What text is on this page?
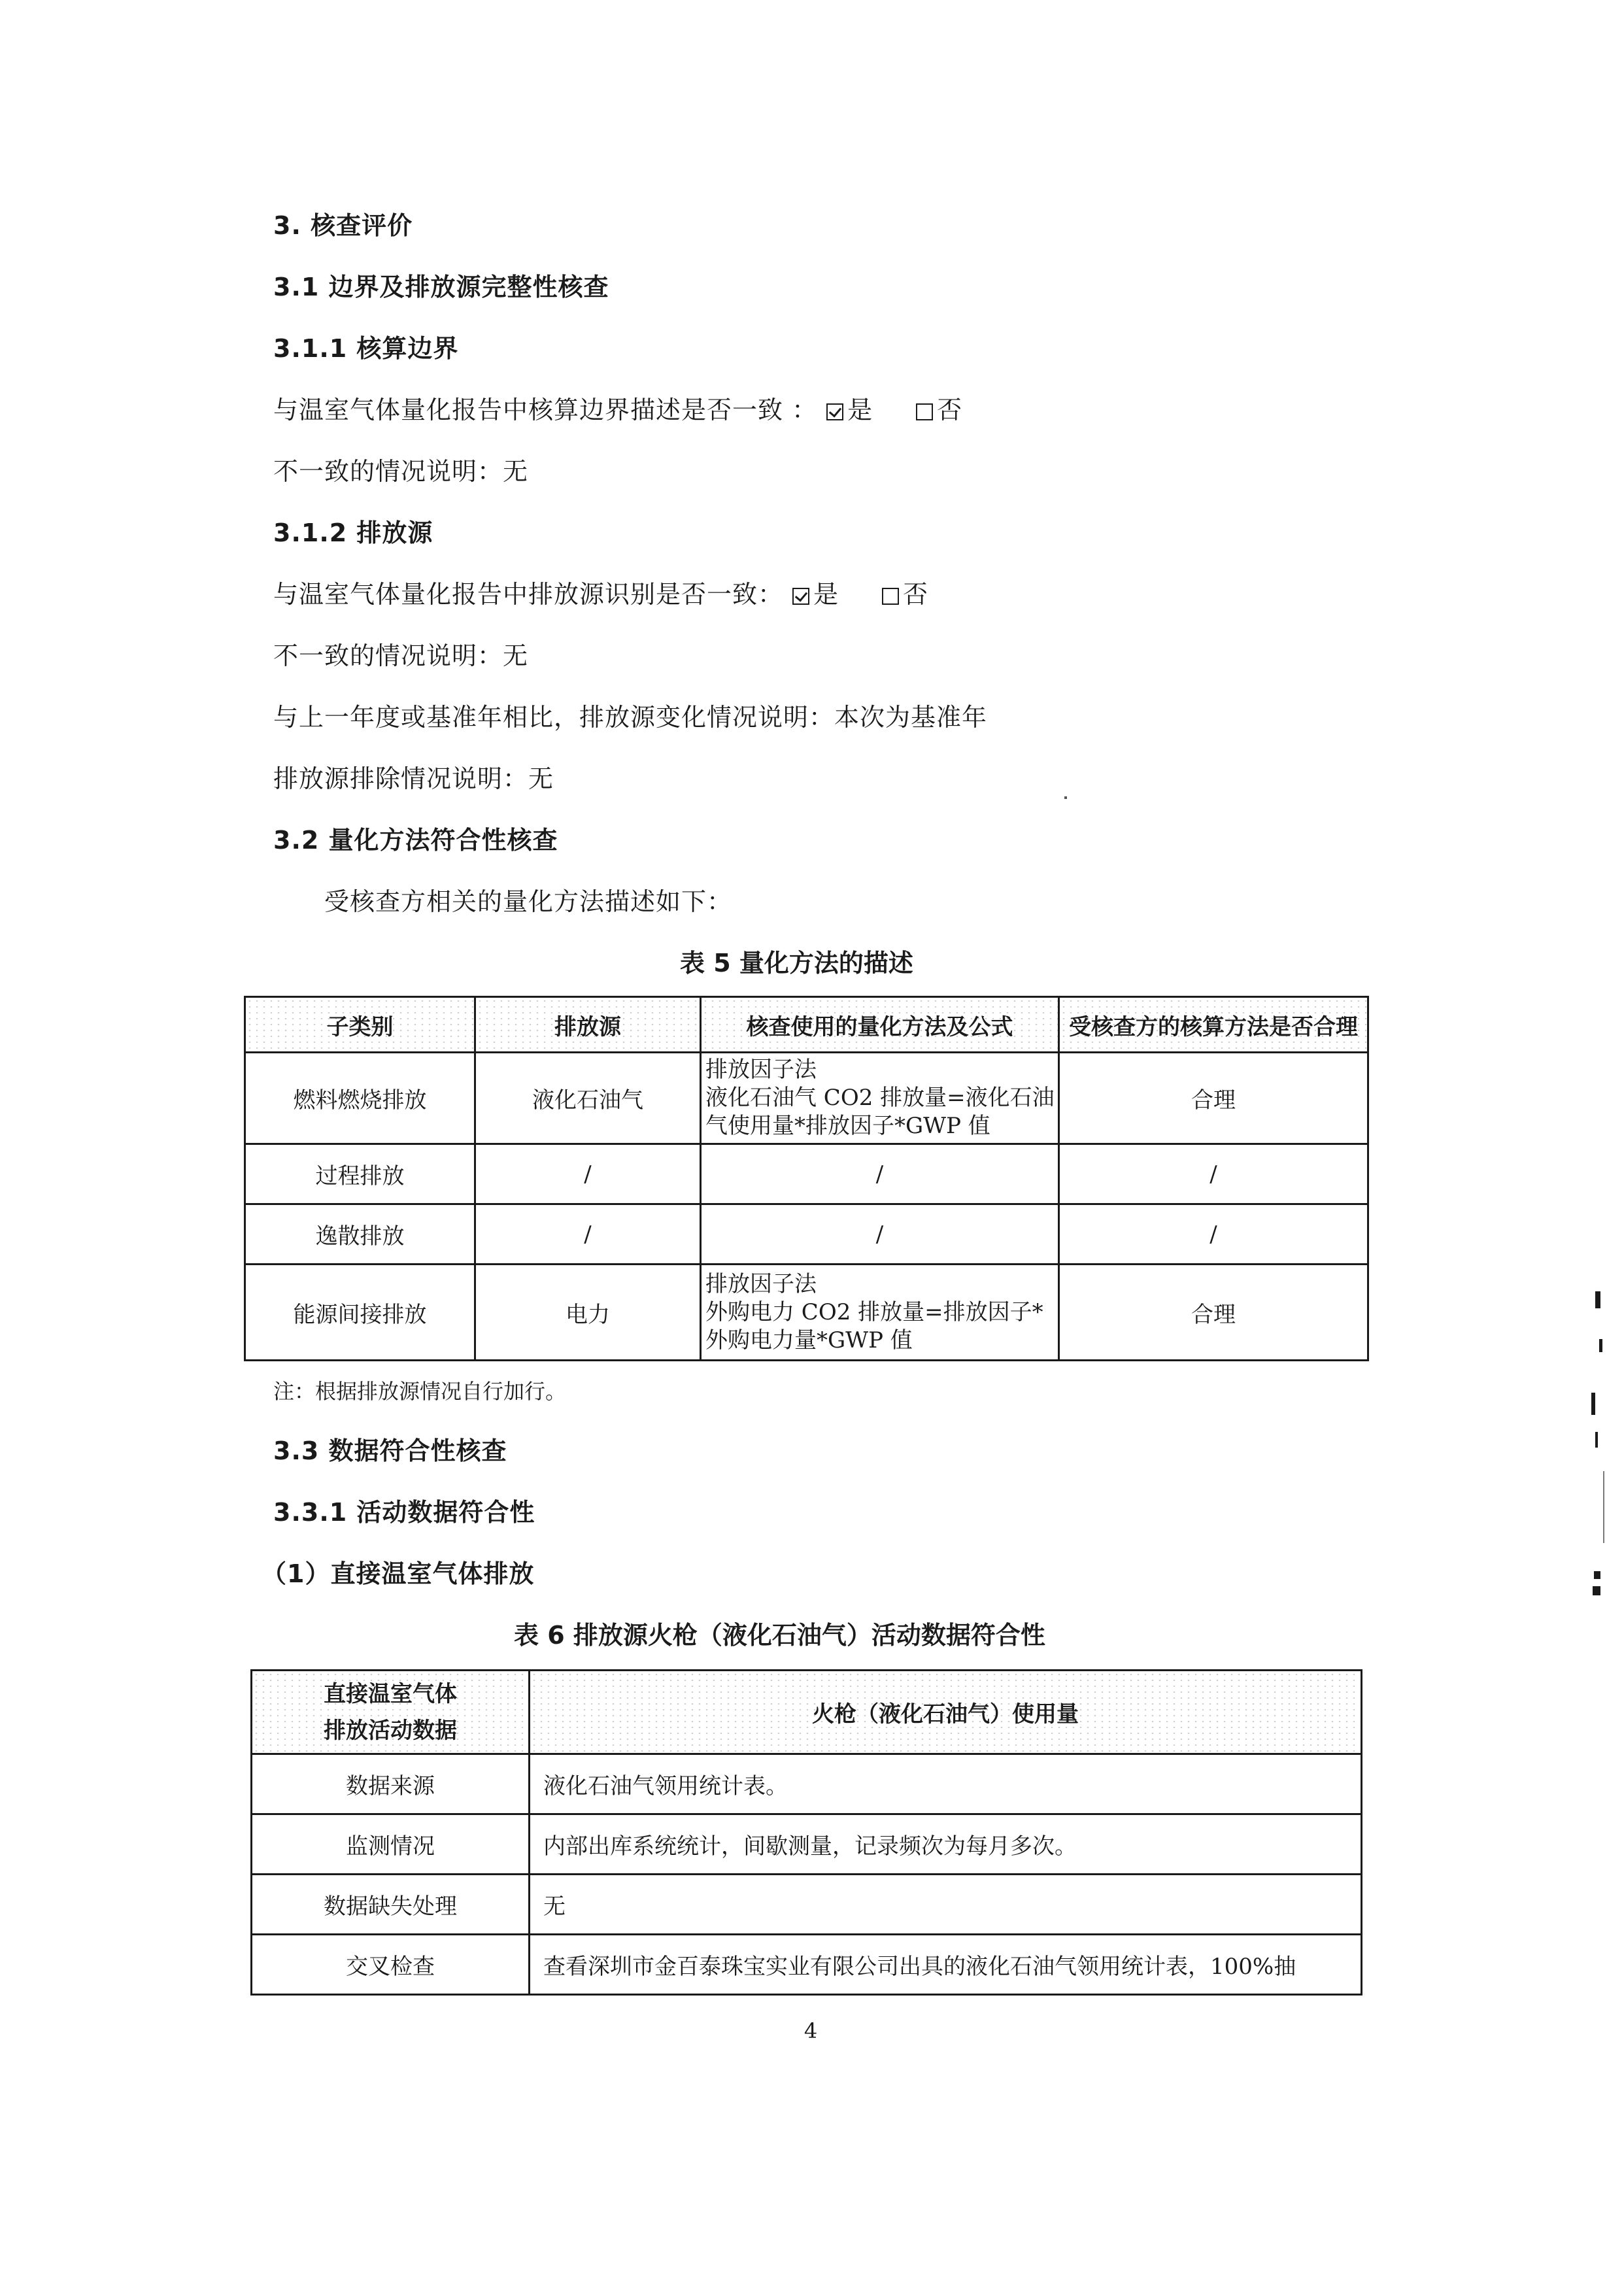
3. 核查评价
3.1 边界及排放源完整性核查
3.1.1 核算边界
与温室气体量化报告中核算边界描述是否一致 ： 是	否
不一致的情况说明：无
3.1.2 排放源
与温室气体量化报告中排放源识别是否一致： 是	否
不一致的情况说明：无
与上一年度或基准年相比，排放源变化情况说明：本次为基准年
排放源排除情况说明：无
3.2 量化方法符合性核查
受核查方相关的量化方法描述如下：
表 5 量化方法的描述
子类别	排放源	核查使用的量化方法及公式	受核查方的核算方法是否合理
燃料燃烧排放	液化石油气	排放因子法
液化石油气 CO2 排放量=液化石油
气使用量*排放因子*GWP 值	合理
过程排放	/	/	/
逸散排放	/	/	/
能源间接排放	电力	排放因子法
外购电力 CO2 排放量=排放因子*
外购电力量*GWP 值	合理
注：根据排放源情况自行加行。
3.3 数据符合性核查
3.3.1 活动数据符合性
（1）直接温室气体排放
表 6 排放源火枪（液化石油气）活动数据符合性
直接温室气体
排放活动数据	火枪（液化石油气）使用量
数据来源	液化石油气领用统计表。
监测情况	内部出库系统统计，间歇测量，记录频次为每月多次。
数据缺失处理	无
交叉检查	查看深圳市金百泰珠宝实业有限公司出具的液化石油气领用统计表，100%抽
4
